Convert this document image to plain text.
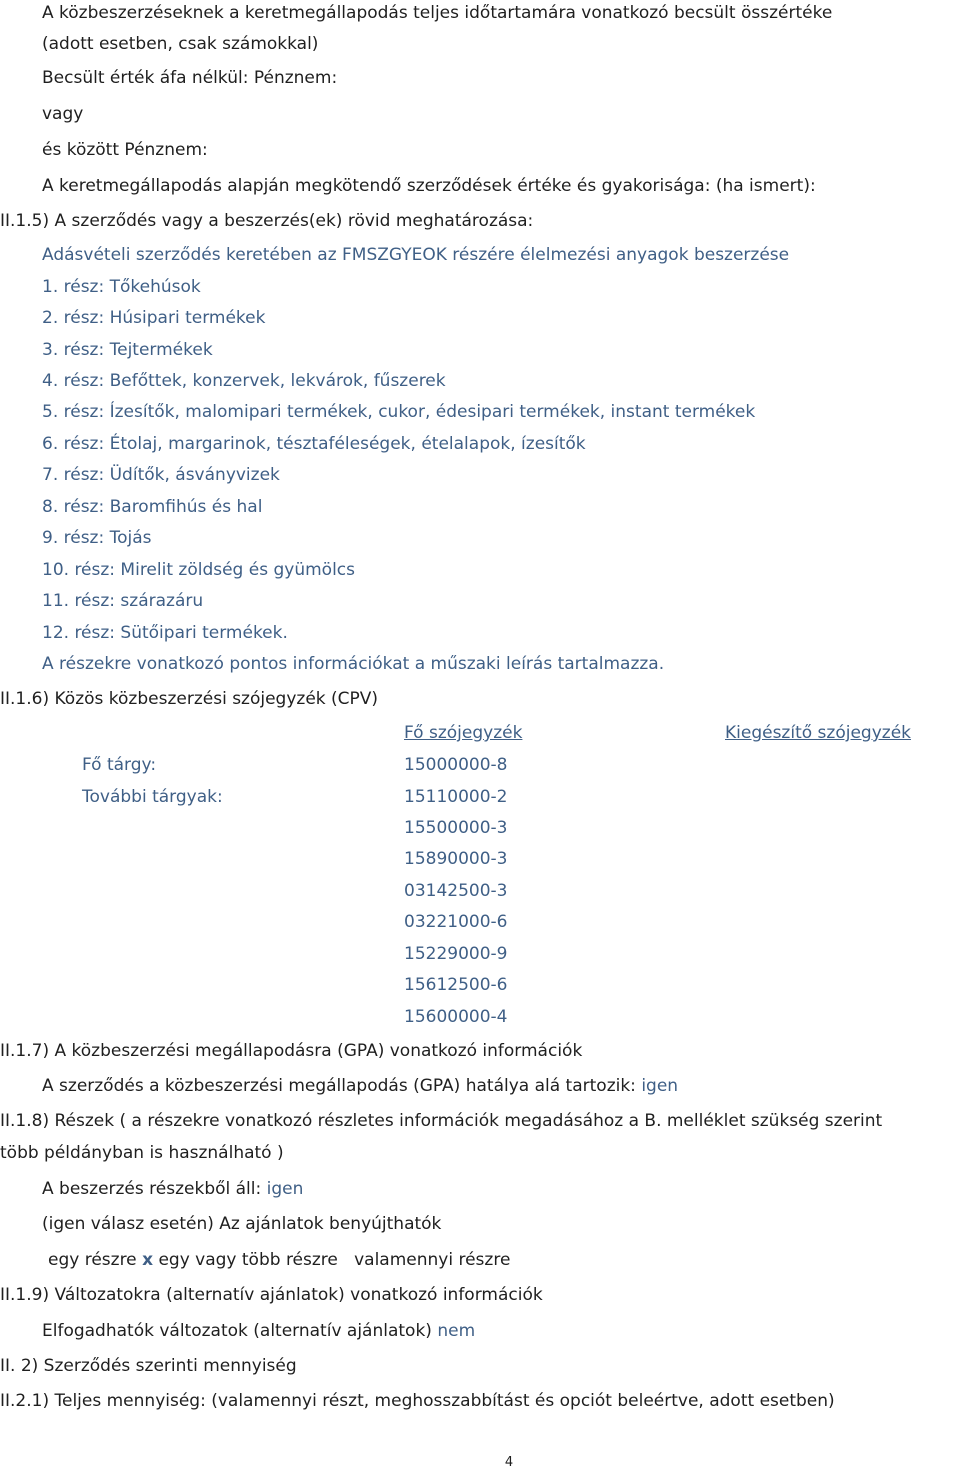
A közbeszerzéseknek a keretmegállapodás teljes időtartamára vonatkozó becsült összértéke
(adott esetben, csak számokkal)
Becsült érték áfa nélkül: Pénznem:
vagy
és között Pénznem:
A keretmegállapodás alapján megkötendő szerződések értéke és gyakorisága: (ha ismert):
II.1.5) A szerződés vagy a beszerzés(ek) rövid meghatározása:
Adásvételi szerződés keretében az FMSZGYEOK részére élelmezési anyagok beszerzése
1. rész: Tőkehúsok
2. rész: Húsipari termékek
3. rész: Tejtermékek
4. rész: Befőttek, konzervek, lekvárok, fűszerek
5. rész: Ízesítők, malomipari termékek, cukor, édesipari termékek, instant termékek
6. rész: Étolaj, margarinok, tésztaféleségek, ételalapok, ízesítők
7. rész: Üdítők, ásványvizek
8. rész: Baromfihús és hal
9. rész: Tojás
10. rész: Mirelit zöldség és gyümölcs
11. rész: szárazáru
12. rész: Sütőipari termékek.
A részekre vonatkozó pontos információkat a műszaki leírás tartalmazza.
II.1.6) Közös közbeszerzési szójegyzék (CPV)
Fő szójegyzék	Kiegészítő szójegyzék
Fő tárgy:	15000000-8
További tárgyak:	15110000-2
15500000-3
15890000-3
03142500-3
03221000-6
15229000-9
15612500-6
15600000-4
II.1.7) A közbeszerzési megállapodásra (GPA) vonatkozó információk
A szerződés a közbeszerzési megállapodás (GPA) hatálya alá tartozik: igen
II.1.8) Részek ( a részekre vonatkozó részletes információk megadásához a B. melléklet szükség szerint
több példányban is használható )
A beszerzés részekből áll: igen
(igen válasz esetén) Az ajánlatok benyújthatók
egy részre x egy vagy több részre valamennyi részre
II.1.9) Változatokra (alternatív ajánlatok) vonatkozó információk
Elfogadhatók változatok (alternatív ajánlatok) nem
II. 2) Szerződés szerinti mennyiség
II.2.1) Teljes mennyiség: (valamennyi részt, meghosszabbítást és opciót beleértve, adott esetben)
4
